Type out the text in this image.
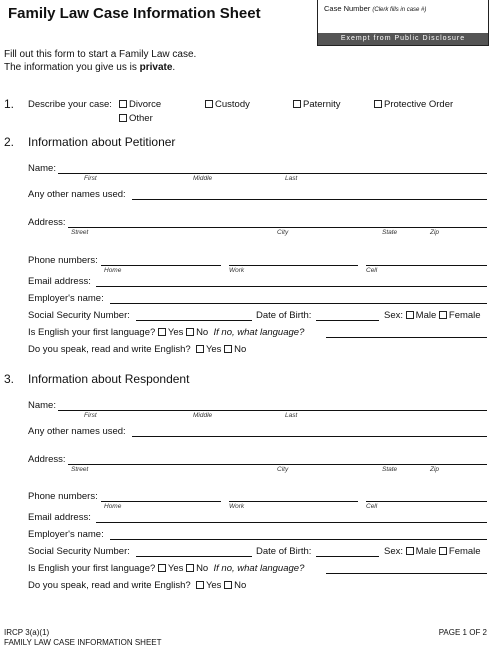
Family Law Case Information Sheet	Case Number (Clerk fills in case #)
Exempt from Public Disclosure
Fill out this form to start a Family Law case.
The information you give us is private.
1. Describe your case:	Divorce	Custody	Paternity	Protective Order
Other
2. Information about Petitioner
Name:
First	Middle	Last
Any other names used:
Address:
Street	City	State	Zip
Phone numbers:
Home	Work	Cell
Email address:
Employer's name:
Social Security Number:	Date of Birth:	Sex: Male Female
Is English your first language? Yes No If no, what language?
Do you speak, read and write English? Yes No
3. Information about Respondent
Name:
First	Middle	Last
Any other names used:
Address:
Street	City	State	Zip
Phone numbers:
Home	Work	Cell
Email address:
Employer's name:
Social Security Number:	Date of Birth:	Sex: Male Female
Is English your first language? Yes No If no, what language?
Do you speak, read and write English? Yes No
IRCP 3(a)(1)
FAMILY LAW CASE INFORMATION SHEET
PAGE 1 OF 2
